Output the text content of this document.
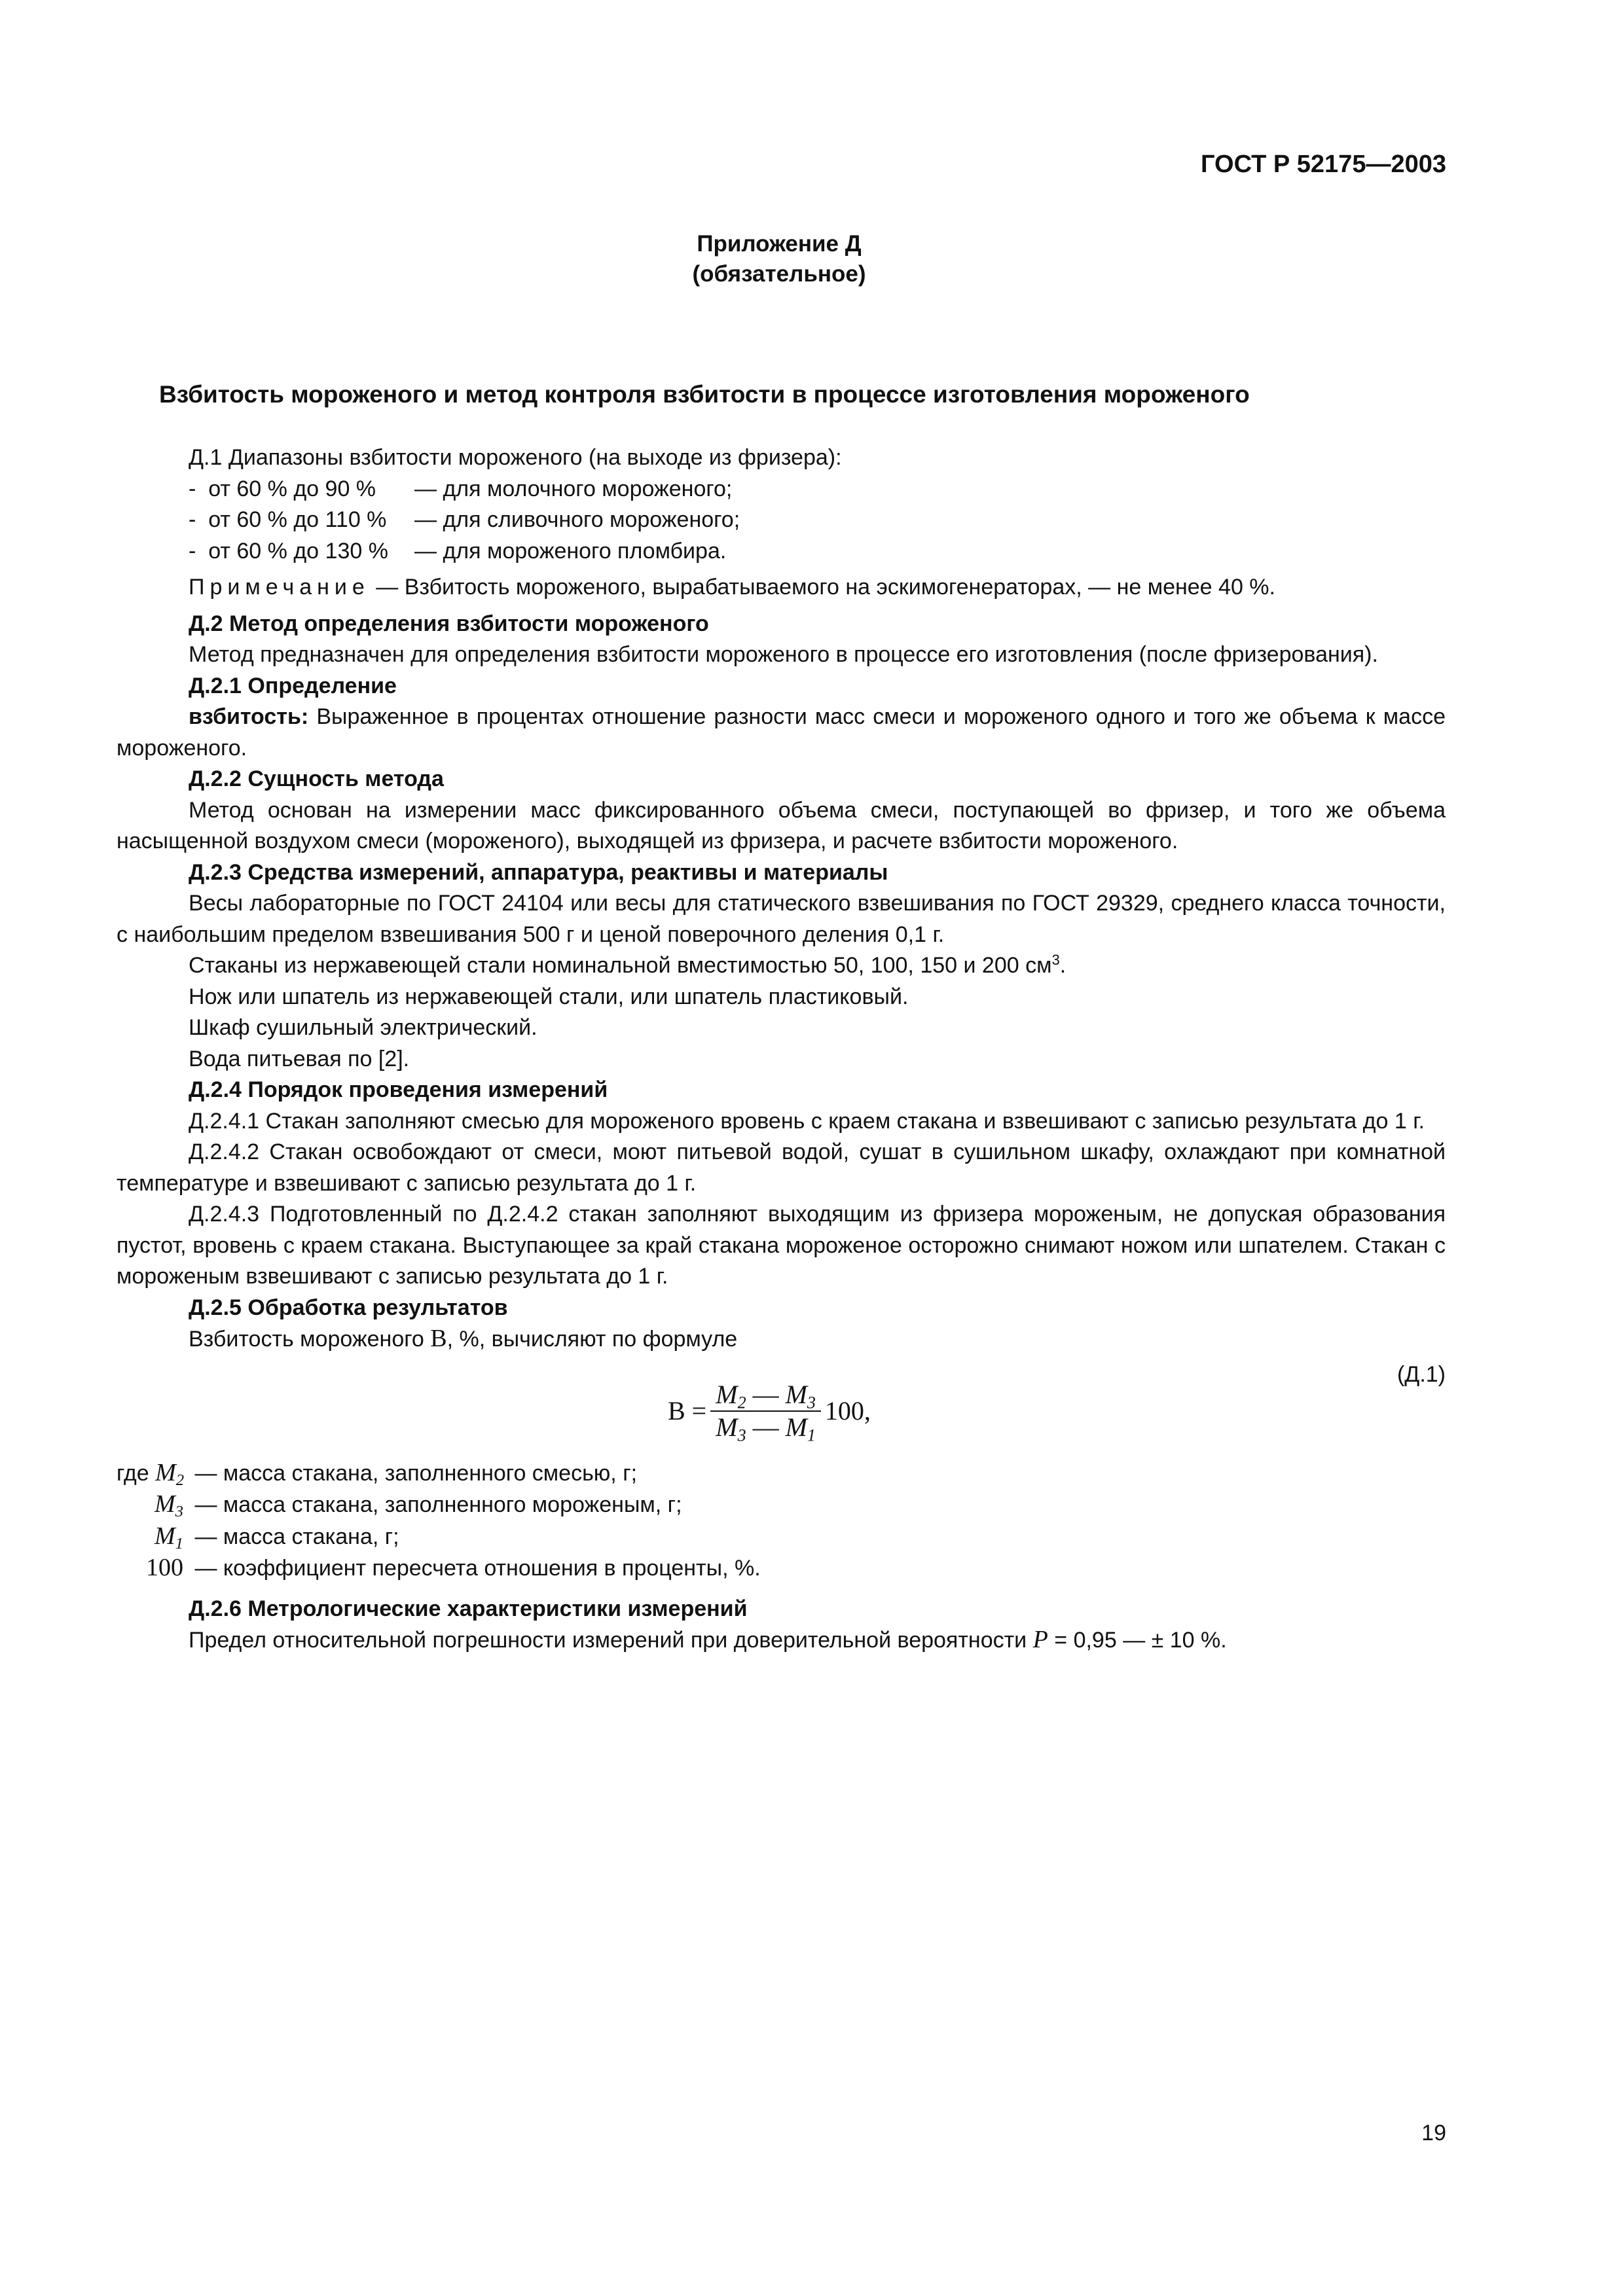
ГОСТ Р 52175—2003
Приложение Д
(обязательное)
Взбитость мороженого и метод контроля взбитости в процессе изготовления мороженого

Д.1 Диапазоны взбитости мороженого (на выходе из фризера):

-  от 60 % до 90 % — для молочного мороженого;

-  от 60 % до 110 % — для сливочного мороженого;

-  от 60 % до 130 % — для мороженого пломбира.

Примечание — Взбитость мороженого, вырабатываемого на эскимогенераторах, — не менее 40 %.

Д.2 Метод определения взбитости мороженого

Метод предназначен для определения взбитости мороженого в процессе его изготовления (после фризерования).

Д.2.1 Определение

взбитость: Выраженное в процентах отношение разности масс смеси и мороженого одного и того же объема к массе мороженого.

Д.2.2 Сущность метода

Метод основан на измерении масс фиксированного объема смеси, поступающей во фризер, и того же объема насыщенной воздухом смеси (мороженого), выходящей из фризера, и расчете взбитости мороженого.

Д.2.3 Средства измерений, аппаратура, реактивы и материалы

Весы лабораторные по ГОСТ 24104 или весы для статического взвешивания по ГОСТ 29329, среднего класса точности, с наибольшим пределом взвешивания 500 г и ценой поверочного деления 0,1 г.

Стаканы из нержавеющей стали номинальной вместимостью 50, 100, 150 и 200 $см^3$.

Нож или шпатель из нержавеющей стали, или шпатель пластиковый.

Шкаф сушильный электрический.

Вода питьевая по [2].

Д.2.4 Порядок проведения измерений

Д.2.4.1 Стакан заполняют смесью для мороженого вровень с краем стакана и взвешивают с записью результата до 1 г.

Д.2.4.2 Стакан освобождают от смеси, моют питьевой водой, сушат в сушильном шкафу, охлаждают при комнатной температуре и взвешивают с записью результата до 1 г.

Д.2.4.3 Подготовленный по Д.2.4.2 стакан заполняют выходящим из фризера мороженым, не допуская образования пустот, вровень с краем стакана. Выступающее за край стакана мороженое осторожно снимают ножом или шпателем. Стакан с мороженым взвешивают с записью результата до 1 г.

Д.2.5 Обработка результатов

Взбитость мороженого В, %, вычисляют по формуле

$В = \frac{M_2 — M_3}{M_3 — M_1} 100$,
(Д.1)

где $M_2$ — масса стакана, заполненного смесью, г;

$M_3$ — масса стакана, заполненного мороженым, г;

$M_1$ — масса стакана, г;

100 — коэффициент пересчета отношения в проценты, %.

Д.2.6 Метрологические характеристики измерений

Предел относительной погрешности измерений при доверительной вероятности P = 0,95 — ± 10 %.

19
